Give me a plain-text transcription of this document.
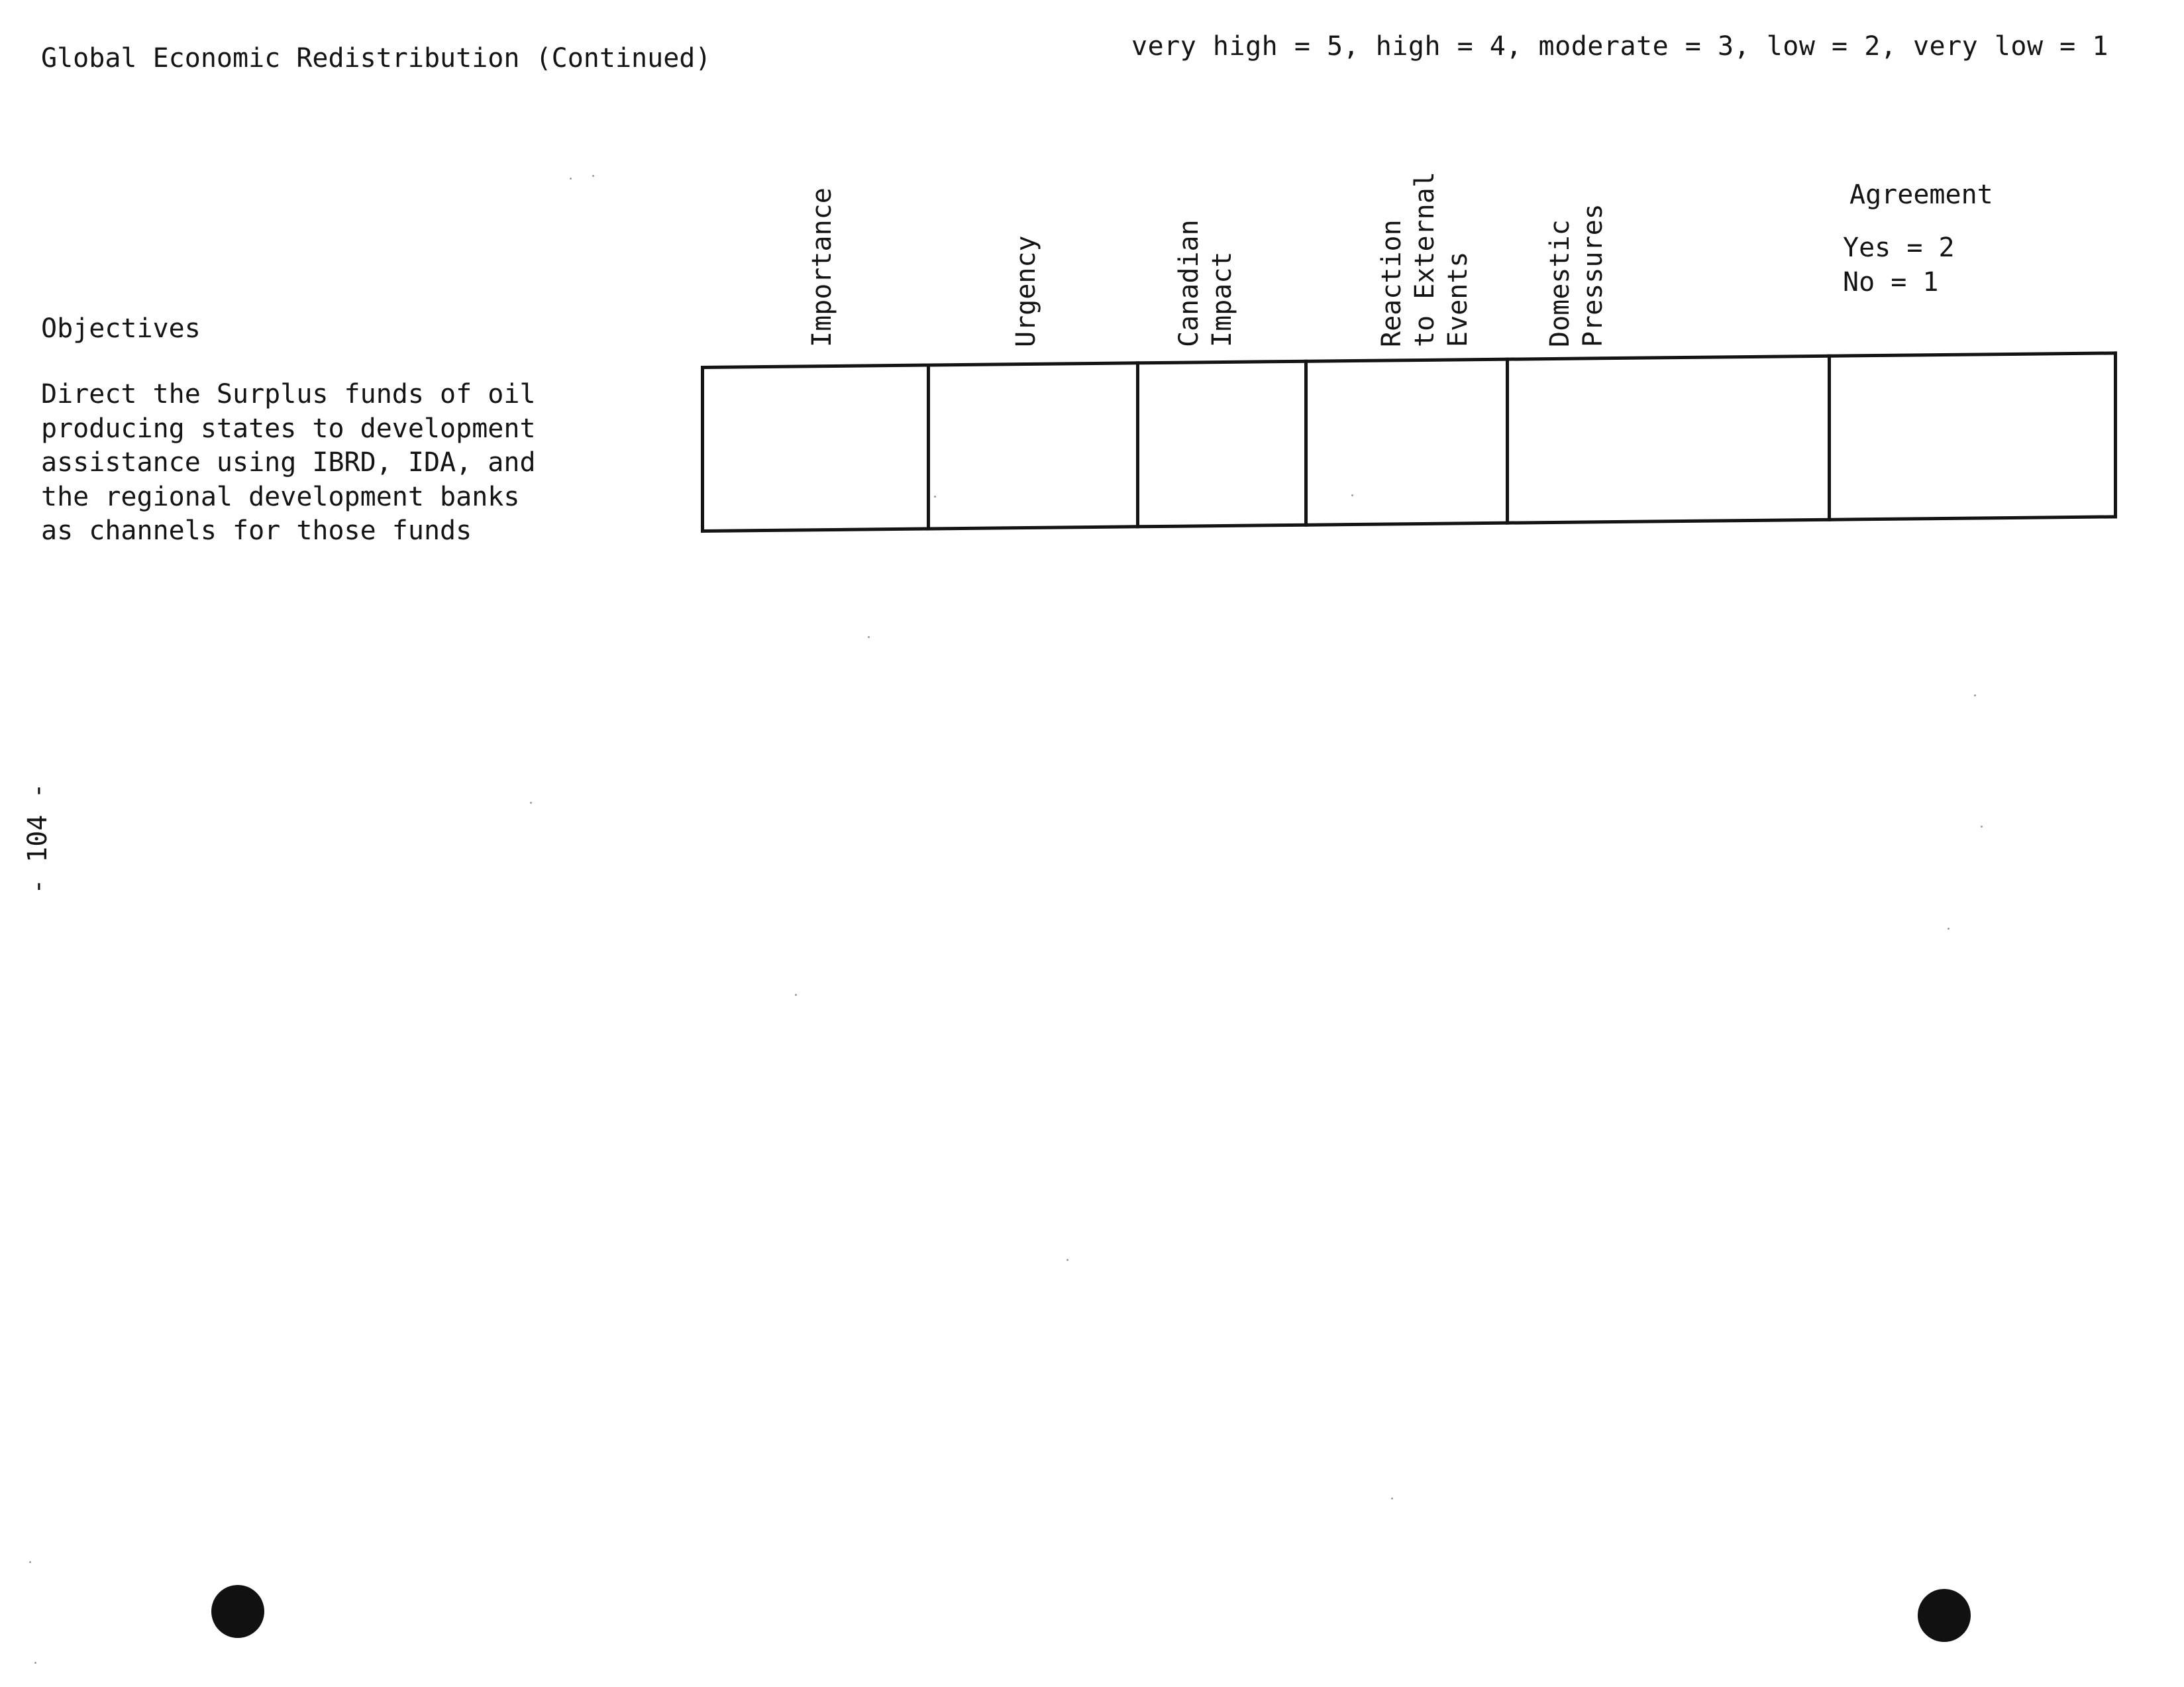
Global Economic Redistribution (Continued)	very high = 5, high = 4, moderate = 3, low = 2, very low = 1
Objectives
Direct the Surplus funds of oil
producing states to development
assistance using IBRD, IDA, and
the regional development banks
as channels for those funds
Importance	Urgency	Canadian Impact	Reaction to External Events	Domestic Pressures
Agreement
Yes = 2
No = 1
- 104 -
